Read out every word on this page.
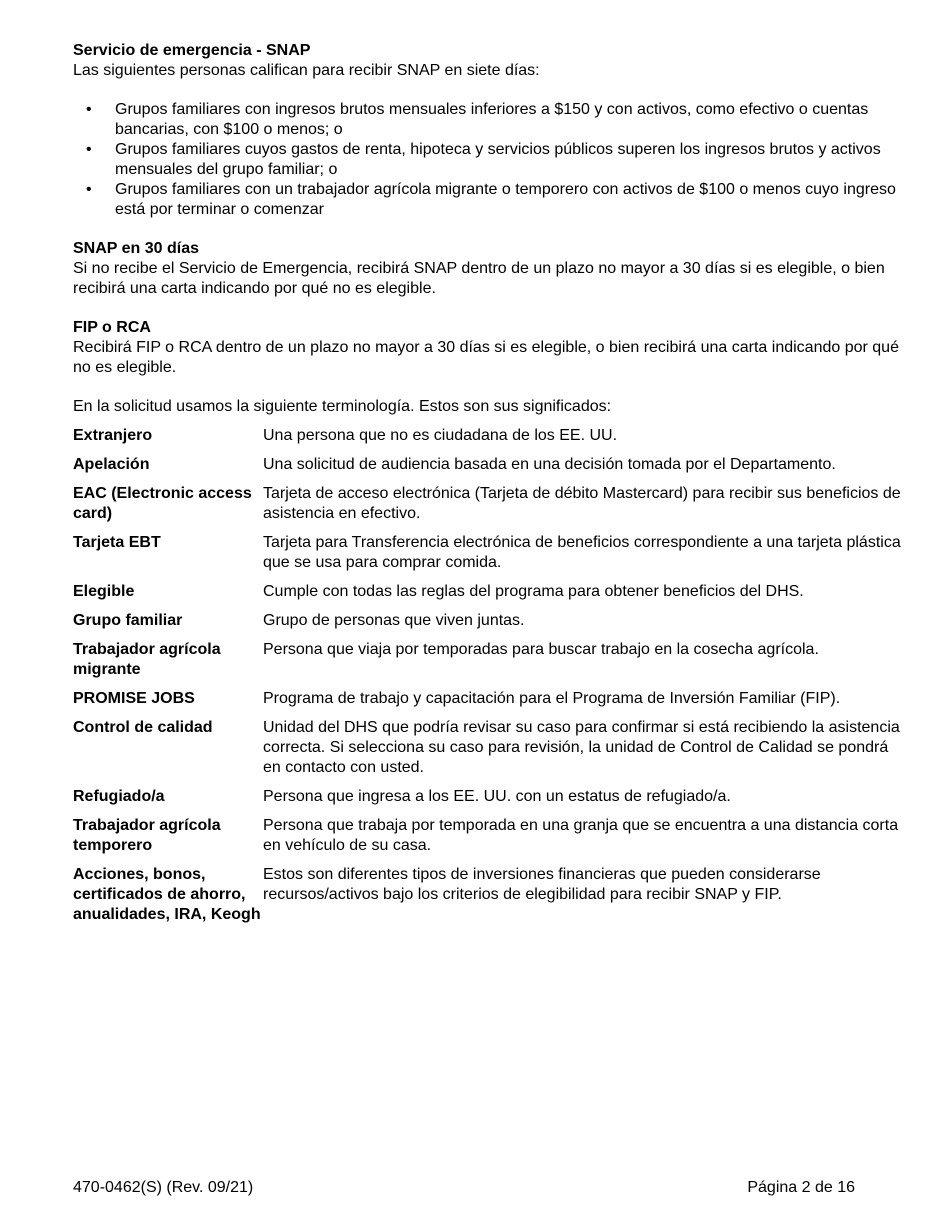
Servicio de emergencia - SNAP

Las siguientes personas califican para recibir SNAP en siete días:

• Grupos familiares con ingresos brutos mensuales inferiores a $150 y con activos, como efectivo o cuentas bancarias, con $100 o menos; o
• Grupos familiares cuyos gastos de renta, hipoteca y servicios públicos superen los ingresos brutos y activos mensuales del grupo familiar; o
• Grupos familiares con un trabajador agrícola migrante o temporero con activos de $100 o menos cuyo ingreso está por terminar o comenzar

SNAP en 30 días

Si no recibe el Servicio de Emergencia, recibirá SNAP dentro de un plazo no mayor a 30 días si es elegible, o bien recibirá una carta indicando por qué no es elegible.

FIP o RCA

Recibirá FIP o RCA dentro de un plazo no mayor a 30 días si es elegible, o bien recibirá una carta indicando por qué no es elegible.

En la solicitud usamos la siguiente terminología. Estos son sus significados:

Extranjero	Una persona que no es ciudadana de los EE. UU.
Apelación	Una solicitud de audiencia basada en una decisión tomada por el Departamento.
EAC (Electronic access card)	Tarjeta de acceso electrónica (Tarjeta de débito Mastercard) para recibir sus beneficios de asistencia en efectivo.
Tarjeta EBT	Tarjeta para Transferencia electrónica de beneficios correspondiente a una tarjeta plástica que se usa para comprar comida.
Elegible	Cumple con todas las reglas del programa para obtener beneficios del DHS.
Grupo familiar	Grupo de personas que viven juntas.
Trabajador agrícola migrante	Persona que viaja por temporadas para buscar trabajo en la cosecha agrícola.
PROMISE JOBS	Programa de trabajo y capacitación para el Programa de Inversión Familiar (FIP).
Control de calidad	Unidad del DHS que podría revisar su caso para confirmar si está recibiendo la asistencia correcta. Si selecciona su caso para revisión, la unidad de Control de Calidad se pondrá en contacto con usted.
Refugiado/a	Persona que ingresa a los EE. UU. con un estatus de refugiado/a.
Trabajador agrícola temporero	Persona que trabaja por temporada en una granja que se encuentra a una distancia corta en vehículo de su casa.
Acciones, bonos, certificados de ahorro, anualidades, IRA, Keogh	Estos son diferentes tipos de inversiones financieras que pueden considerarse recursos/activos bajo los criterios de elegibilidad para recibir SNAP y FIP.
470-0462(S) (Rev. 09/21)	Página 2 de 16
